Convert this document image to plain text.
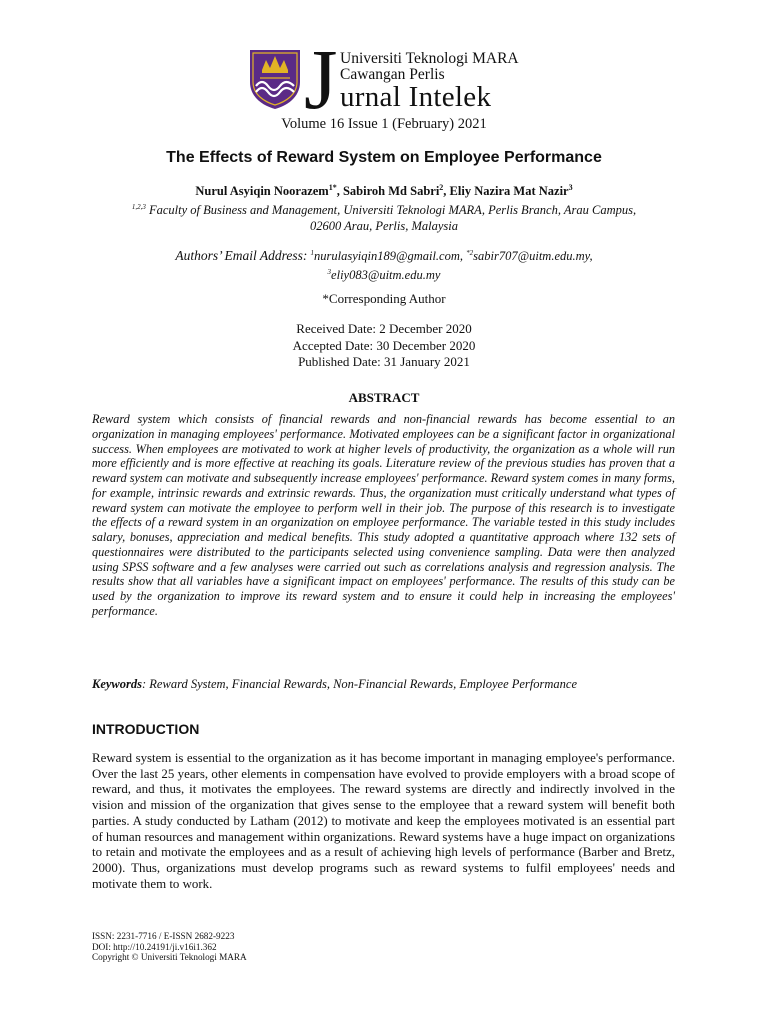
J Universiti Teknologi MARA
Cawangan Perlis
urnal Intelek
Volume 16 Issue 1 (February) 2021
The Effects of Reward System on Employee Performance
Nurul Asyiqin Noorazem$^{1*}$, Sabiroh Md Sabri$^2$, Eliy Nazira Mat Nazir$^3$
$^{1,2,3}$ Faculty of Business and Management, Universiti Teknologi MARA, Perlis Branch, Arau Campus,
02600 Arau, Perlis, Malaysia
Authors’ Email Address: $^1$nurulasyiqin189@gmail.com, $^{*2}$sabir707@uitm.edu.my,
$^3$eliy083@uitm.edu.my
*Corresponding Author
Received Date: 2 December 2020
Accepted Date: 30 December 2020
Published Date: 31 January 2021
ABSTRACT
Reward system which consists of financial rewards and non-financial rewards has become essential to an organization in managing employees' performance. Motivated employees can be a significant factor in organizational success. When employees are motivated to work at higher levels of productivity, the organization as a whole will run more efficiently and is more effective at reaching its goals. Literature review of the previous studies has proven that a reward system can motivate and subsequently increase employees' performance. Reward system comes in many forms, for example, intrinsic rewards and extrinsic rewards. Thus, the organization must critically understand what types of reward system can motivate the employee to perform well in their job. The purpose of this research is to investigate the effects of a reward system in an organization on employee performance. The variable tested in this study includes salary, bonuses, appreciation and medical benefits. This study adopted a quantitative approach where 132 sets of questionnaires were distributed to the participants selected using convenience sampling. Data were then analyzed using SPSS software and a few analyses were carried out such as correlations analysis and regression analysis. The results show that all variables have a significant impact on employees' performance. The results of this study can be used by the organization to improve its reward system and to ensure it could help in increasing the employees' performance.
Keywords: Reward System, Financial Rewards, Non-Financial Rewards, Employee Performance
INTRODUCTION
Reward system is essential to the organization as it has become important in managing employee's performance. Over the last 25 years, other elements in compensation have evolved to provide employers with a broad scope of reward, and thus, it motivates the employees. The reward systems are directly and indirectly involved in the vision and mission of the organization that gives sense to the employee that a reward system will benefit both parties. A study conducted by Latham (2012) to motivate and keep the employees motivated is an essential part of human resources and management within organizations. Reward systems have a huge impact on organizations to retain and motivate the employees and as a result of achieving high levels of performance (Barber and Bretz, 2000). Thus, organizations must develop programs such as reward systems to fulfil employees' needs and motivate them to work.
ISSN: 2231-7716 / E-ISSN 2682-9223
DOI: http://10.24191/ji.v16i1.362
Copyright © Universiti Teknologi MARA
